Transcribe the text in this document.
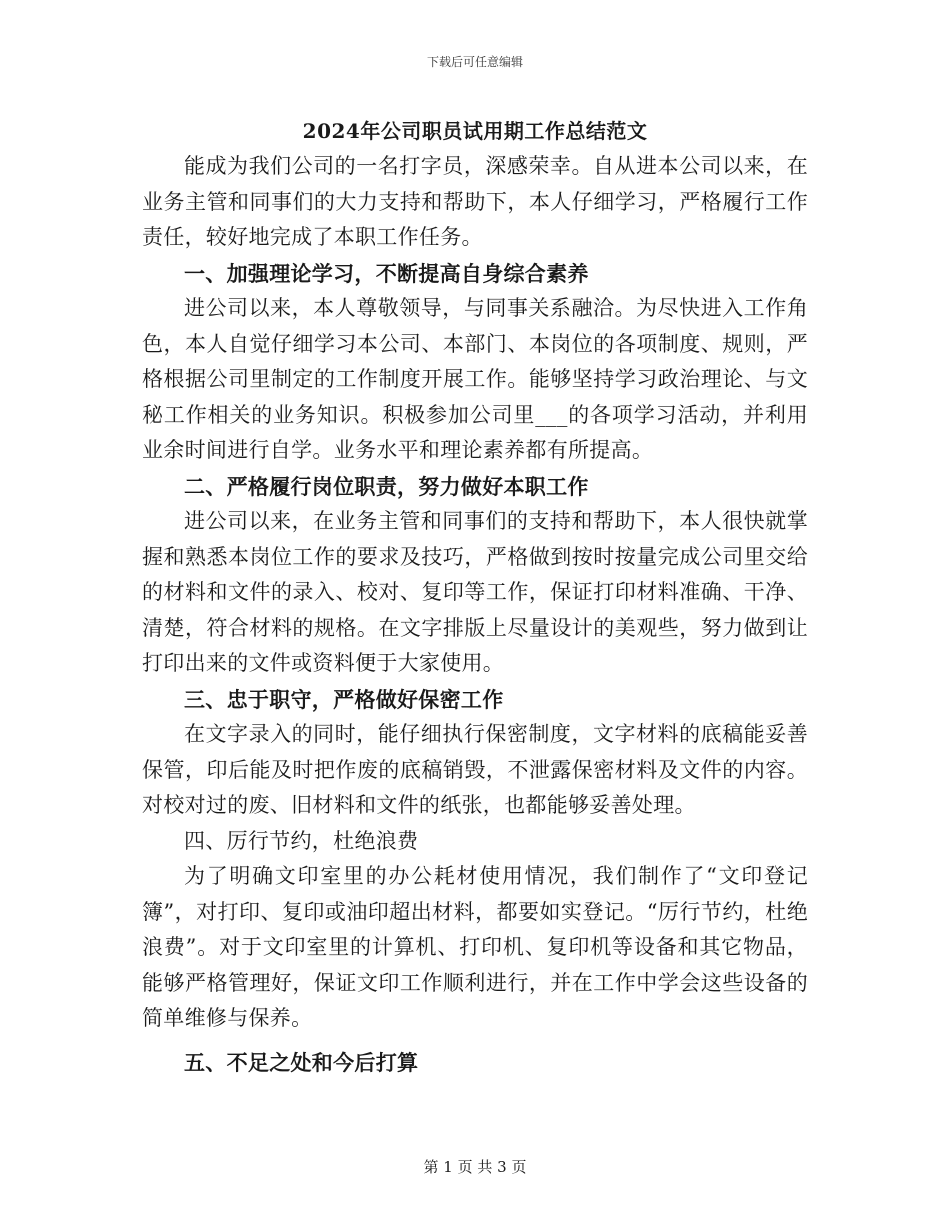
下载后可任意编辑
2024年公司职员试用期工作总结范文

能成为我们公司的一名打字员，深感荣幸。自从进本公司以来，在业务主管和同事们的大力支持和帮助下，本人仔细学习，严格履行工作责任，较好地完成了本职工作任务。

一、加强理论学习，不断提高自身综合素养

进公司以来，本人尊敬领导，与同事关系融洽。为尽快进入工作角色，本人自觉仔细学习本公司、本部门、本岗位的各项制度、规则，严格根据公司里制定的工作制度开展工作。能够坚持学习政治理论、与文秘工作相关的业务知识。积极参加公司里___的各项学习活动，并利用业余时间进行自学。业务水平和理论素养都有所提高。

二、严格履行岗位职责，努力做好本职工作

进公司以来，在业务主管和同事们的支持和帮助下，本人很快就掌握和熟悉本岗位工作的要求及技巧，严格做到按时按量完成公司里交给的材料和文件的录入、校对、复印等工作，保证打印材料准确、干净、清楚，符合材料的规格。在文字排版上尽量设计的美观些，努力做到让打印出来的文件或资料便于大家使用。

三、忠于职守，严格做好保密工作

在文字录入的同时，能仔细执行保密制度，文字材料的底稿能妥善保管，印后能及时把作废的底稿销毁，不泄露保密材料及文件的内容。对校对过的废、旧材料和文件的纸张，也都能够妥善处理。

四、厉行节约，杜绝浪费

为了明确文印室里的办公耗材使用情况，我们制作了“文印登记簿”，对打印、复印或油印超出材料，都要如实登记。“厉行节约，杜绝浪费”。对于文印室里的计算机、打印机、复印机等设备和其它物品，能够严格管理好，保证文印工作顺利进行，并在工作中学会这些设备的简单维修与保养。

五、不足之处和今后打算

第 1 页 共 3 页
